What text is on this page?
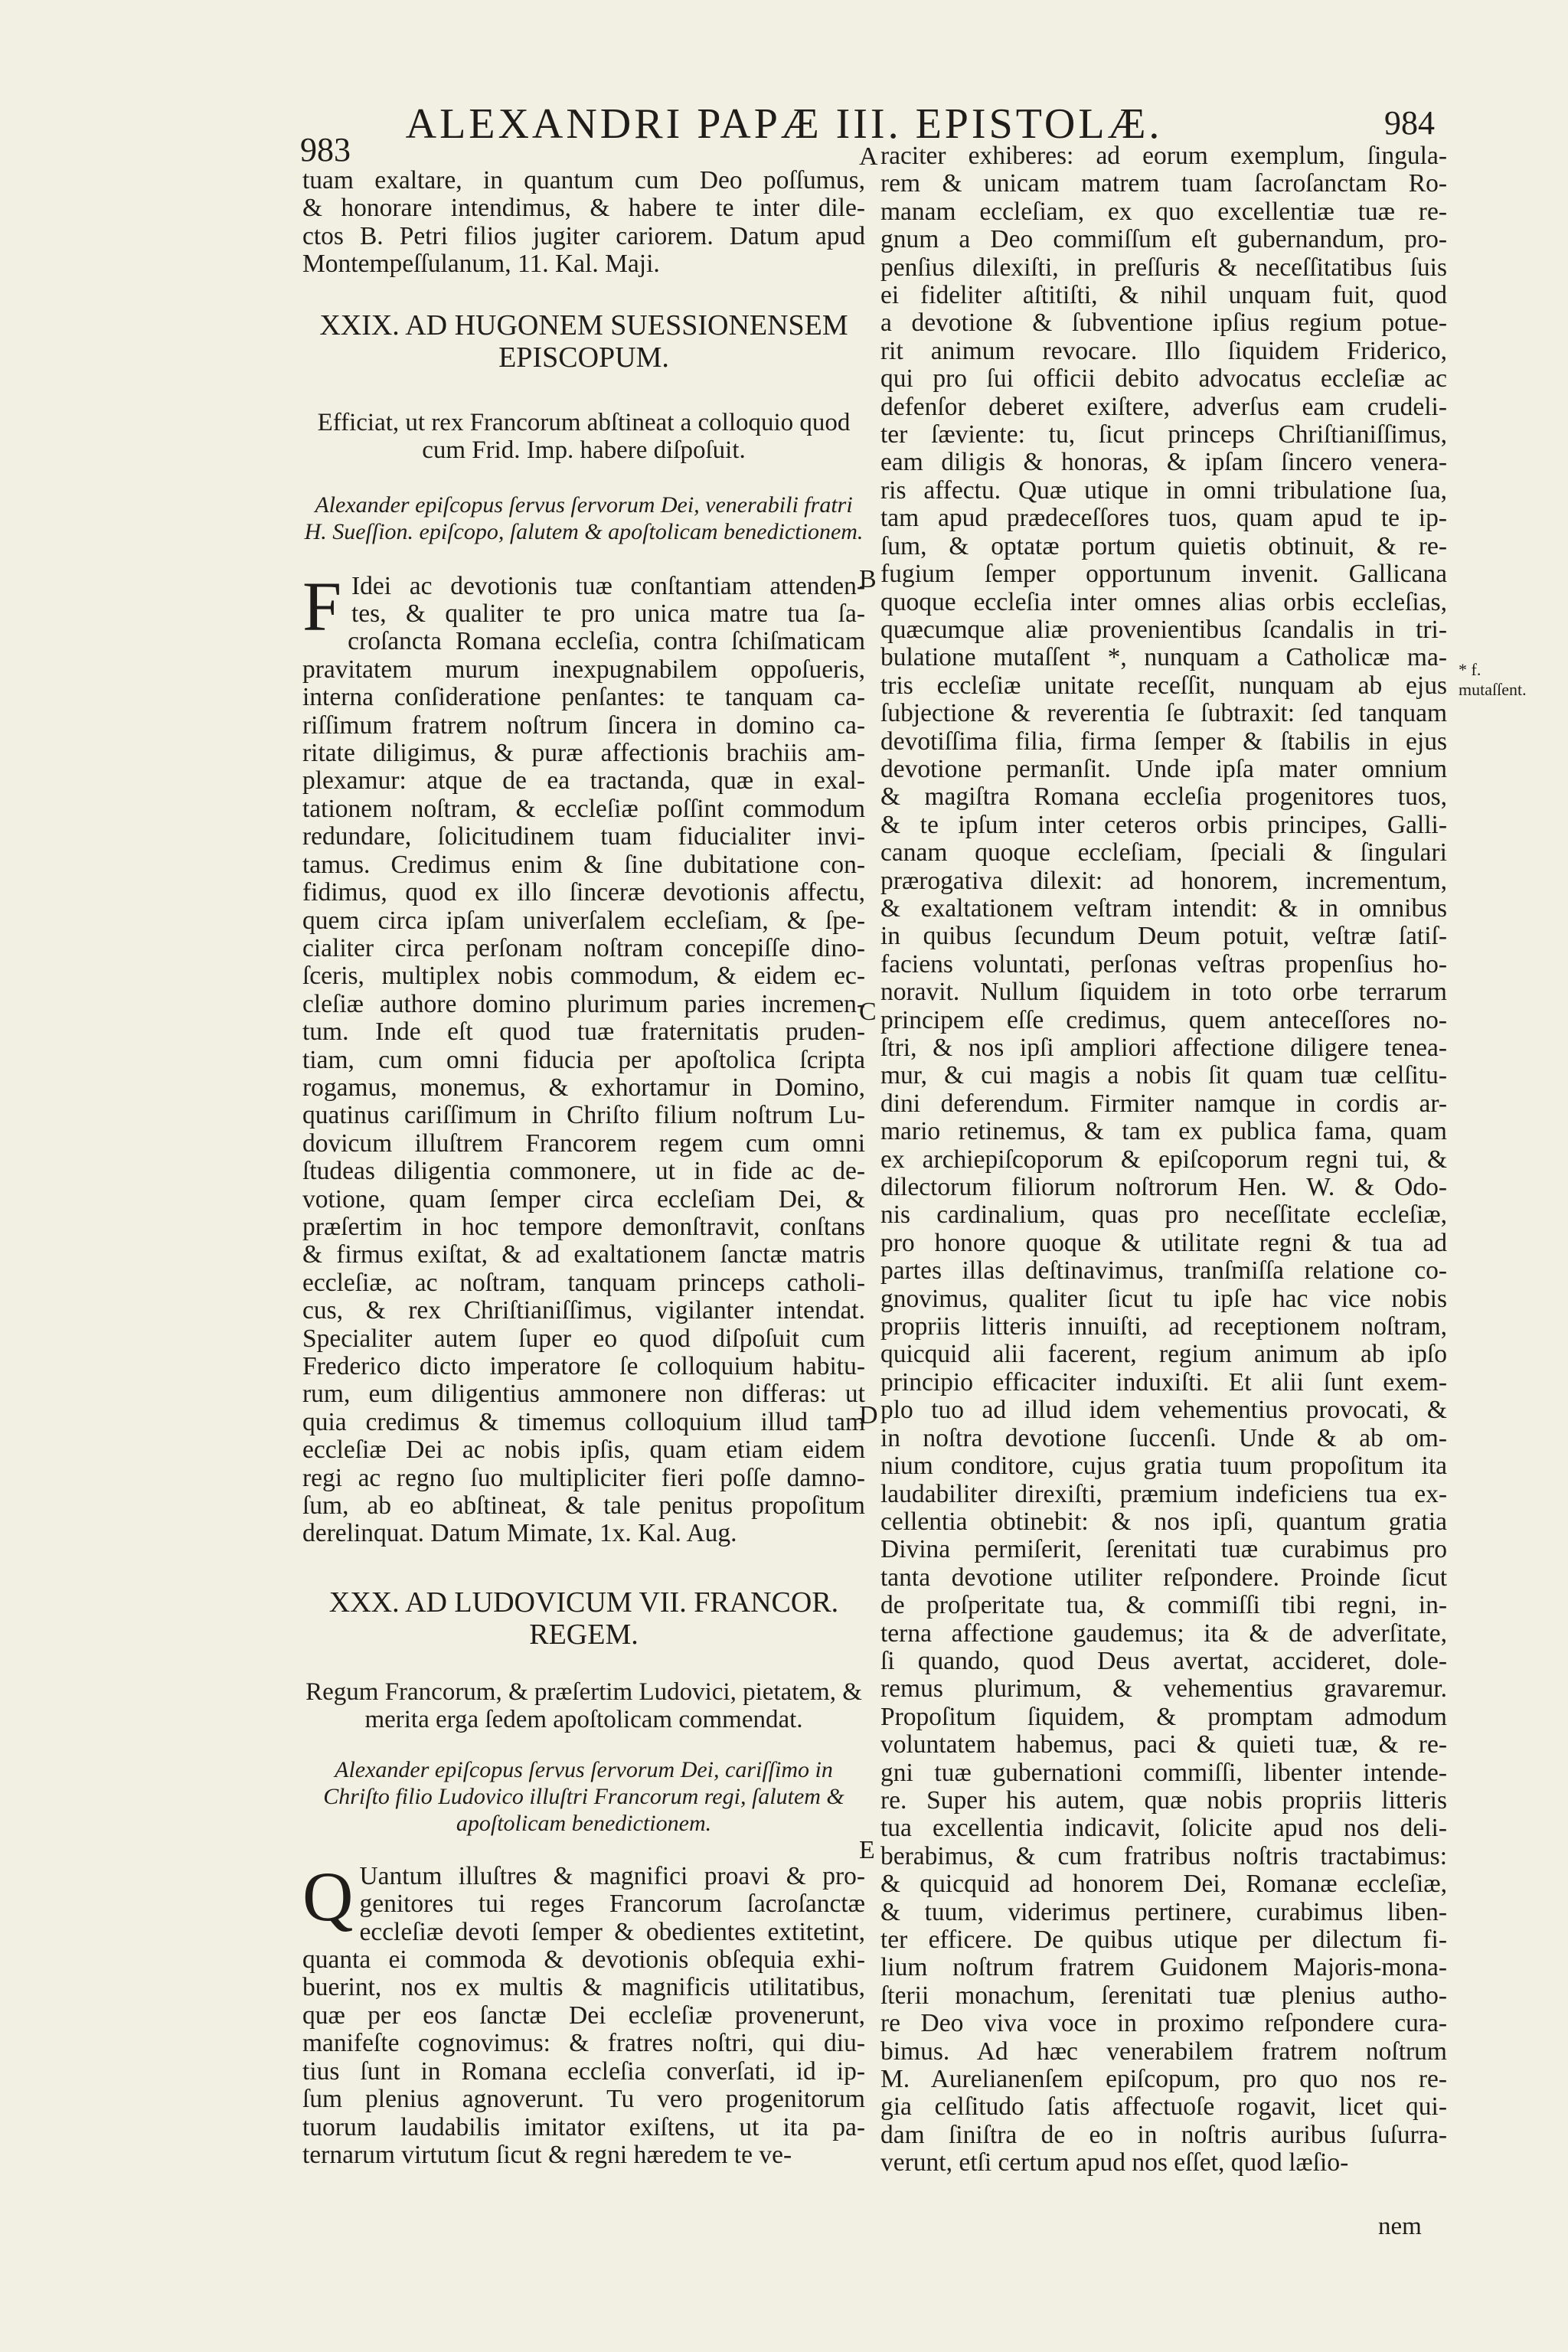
983
ALEXANDRI PAPÆ III. EPISTOLÆ.	984

tuam exaltare, in quantum cum Deo poſſumus,

& honorare intendimus, & habere te inter dile-

ctos B. Petri filios jugiter cariorem. Datum apud

Montempeſſulanum, 11. Kal. Maji.

XXIX. AD HUGONEM SUESSIONENSEM EPISCOPUM.

Efficiat, ut rex Francorum abſtineat a colloquio quod cum Frid. Imp. habere diſpoſuit.

Alexander epiſcopus ſervus ſervorum Dei, venerabili fratri H. Sueſſion. epiſcopo, ſalutem & apoſtolicam benedictionem.

F Idei ac devotionis tuæ conſtantiam attenden-

tes, & qualiter te pro unica matre tua ſa-

croſancta Romana eccleſia, contra ſchiſmaticam

pravitatem murum inexpugnabilem oppoſueris,

interna conſideratione penſantes: te tanquam ca-

riſſimum fratrem noſtrum ſincera in domino ca-

ritate diligimus, & puræ affectionis brachiis am-

plexamur: atque de ea tractanda, quæ in exal-

tationem noſtram, & eccleſiæ poſſint commodum

redundare, ſolicitudinem tuam fiducialiter invi-

tamus. Credimus enim & ſine dubitatione con-

fidimus, quod ex illo ſinceræ devotionis affectu,

quem circa ipſam univerſalem eccleſiam, & ſpe-

cialiter circa perſonam noſtram concepiſſe dino-

ſceris, multiplex nobis commodum, & eidem ec-

cleſiæ authore domino plurimum paries incremen-

tum. Inde eſt quod tuæ fraternitatis pruden-

tiam, cum omni fiducia per apoſtolica ſcripta

rogamus, monemus, & exhortamur in Domino,

quatinus cariſſimum in Chriſto filium noſtrum Lu-

dovicum illuſtrem Francorem regem cum omni

ſtudeas diligentia commonere, ut in fide ac de-

votione, quam ſemper circa eccleſiam Dei, &

præſertim in hoc tempore demonſtravit, conſtans

& firmus exiſtat, & ad exaltationem ſanctæ matris

eccleſiæ, ac noſtram, tanquam princeps catholi-

cus, & rex Chriſtianiſſimus, vigilanter intendat.

Specialiter autem ſuper eo quod diſpoſuit cum

Frederico dicto imperatore ſe colloquium habitu-

rum, eum diligentius ammonere non differas: ut

quia credimus & timemus colloquium illud tam

eccleſiæ Dei ac nobis ipſis, quam etiam eidem

regi ac regno ſuo multipliciter fieri poſſe damno-

ſum, ab eo abſtineat, & tale penitus propoſitum

derelinquat. Datum Mimate, 1x. Kal. Aug.

XXX. AD LUDOVICUM VII. FRANCOR. REGEM.

Regum Francorum, & præſertim Ludovici, pietatem, & merita erga ſedem apoſtolicam commendat.

Alexander epiſcopus ſervus ſervorum Dei, cariſſimo in Chriſto filio Ludovico illuſtri Francorum regi, ſalutem & apoſtolicam benedictionem.

Q Uantum illuſtres & magnifici proavi & pro-

genitores tui reges Francorum ſacroſanctæ

eccleſiæ devoti ſemper & obedientes extitetint,

quanta ei commoda & devotionis obſequia exhi-

buerint, nos ex multis & magnificis utilitatibus,

quæ per eos ſanctæ Dei eccleſiæ provenerunt,

manifeſte cognovimus: & fratres noſtri, qui diu-

tius ſunt in Romana eccleſia converſati, id ip-

ſum plenius agnoverunt. Tu vero progenitorum

tuorum laudabilis imitator exiſtens, ut ita pa-

ternarum virtutum ſicut & regni hæredem te ve-

raciter exhiberes: ad eorum exemplum, ſingula-

rem & unicam matrem tuam ſacroſanctam Ro-

manam eccleſiam, ex quo excellentiæ tuæ re-

gnum a Deo commiſſum eſt gubernandum, pro-

penſius dilexiſti, in preſſuris & neceſſitatibus ſuis

ei fideliter aſtitiſti, & nihil unquam fuit, quod

a devotione & ſubventione ipſius regium potue-

rit animum revocare. Illo ſiquidem Friderico,

qui pro ſui officii debito advocatus eccleſiæ ac

defenſor deberet exiſtere, adverſus eam crudeli-

ter ſæviente: tu, ſicut princeps Chriſtianiſſimus,

eam diligis & honoras, & ipſam ſincero venera-

ris affectu. Quæ utique in omni tribulatione ſua,

tam apud prædeceſſores tuos, quam apud te ip-

ſum, & optatæ portum quietis obtinuit, & re-

fugium ſemper opportunum invenit. Gallicana

quoque eccleſia inter omnes alias orbis eccleſias,

quæcumque aliæ provenientibus ſcandalis in tri-

bulatione mutaſſent *, nunquam a Catholicæ ma-

tris eccleſiæ unitate receſſit, nunquam ab ejus

ſubjectione & reverentia ſe ſubtraxit: ſed tanquam

devotiſſima filia, firma ſemper & ſtabilis in ejus

devotione permanſit. Unde ipſa mater omnium

& magiſtra Romana eccleſia progenitores tuos,

& te ipſum inter ceteros orbis principes, Galli-

canam quoque eccleſiam, ſpeciali & ſingulari

prærogativa dilexit: ad honorem, incrementum,

& exaltationem veſtram intendit: & in omnibus

in quibus ſecundum Deum potuit, veſtræ ſatiſ-

faciens voluntati, perſonas veſtras propenſius ho-

noravit. Nullum ſiquidem in toto orbe terrarum

principem eſſe credimus, quem anteceſſores no-

ſtri, & nos ipſi ampliori affectione diligere tenea-

mur, & cui magis a nobis ſit quam tuæ celſitu-

dini deferendum. Firmiter namque in cordis ar-

mario retinemus, & tam ex publica fama, quam

ex archiepiſcoporum & epiſcoporum regni tui, &

dilectorum filiorum noſtrorum Hen. W. & Odo-

nis cardinalium, quas pro neceſſitate eccleſiæ,

pro honore quoque & utilitate regni & tua ad

partes illas deſtinavimus, tranſmiſſa relatione co-

gnovimus, qualiter ſicut tu ipſe hac vice nobis

propriis litteris innuiſti, ad receptionem noſtram,

quicquid alii facerent, regium animum ab ipſo

principio efficaciter induxiſti. Et alii ſunt exem-

plo tuo ad illud idem vehementius provocati, &

in noſtra devotione ſuccenſi. Unde & ab om-

nium conditore, cujus gratia tuum propoſitum ita

laudabiliter direxiſti, præmium indeficiens tua ex-

cellentia obtinebit: & nos ipſi, quantum gratia

Divina permiſerit, ſerenitati tuæ curabimus pro

tanta devotione utiliter reſpondere. Proinde ſicut

de proſperitate tua, & commiſſi tibi regni, in-

terna affectione gaudemus; ita & de adverſitate,

ſi quando, quod Deus avertat, accideret, dole-

remus plurimum, & vehementius gravaremur.

Propoſitum ſiquidem, & promptam admodum

voluntatem habemus, paci & quieti tuæ, & re-

gni tuæ gubernationi commiſſi, libenter intende-

re. Super his autem, quæ nobis propriis litteris

tua excellentia indicavit, ſolicite apud nos deli-

berabimus, & cum fratribus noſtris tractabimus:

& quicquid ad honorem Dei, Romanæ eccleſiæ,

& tuum, viderimus pertinere, curabimus liben-

ter efficere. De quibus utique per dilectum fi-

lium noſtrum fratrem Guidonem Majoris-mona-

ſterii monachum, ſerenitati tuæ plenius autho-

re Deo viva voce in proximo reſpondere cura-

bimus. Ad hæc venerabilem fratrem noſtrum

M. Aurelianenſem epiſcopum, pro quo nos re-

gia celſitudo ſatis affectuoſe rogavit, licet qui-

dam ſiniſtra de eo in noſtris auribus ſuſurra-

verunt, etſi certum apud nos eſſet, quod læſio-

nem
A
B
C
D
E
* f. mutaſſent.
